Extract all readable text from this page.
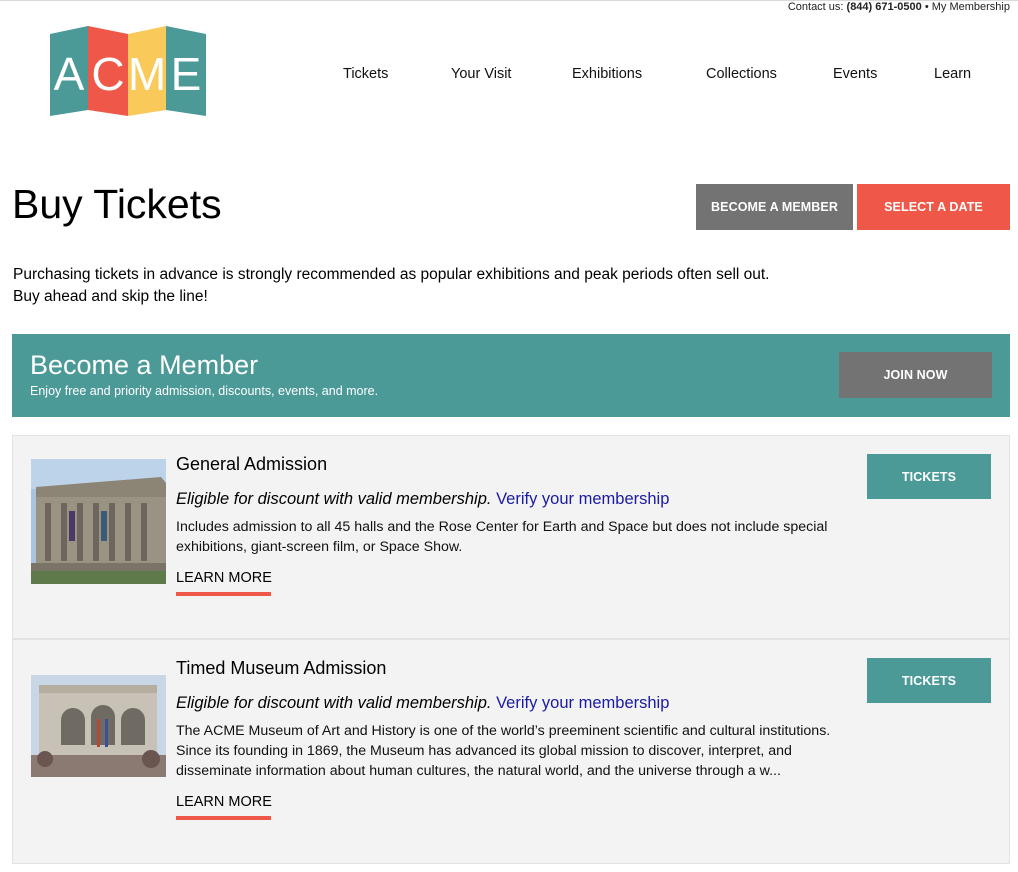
Contact us: (844) 671-0500 • My Membership
A C M E	Tickets	Your Visit	Exhibitions	Collections	Events	Learn
Buy Tickets	BECOME A MEMBER	SELECT A DATE

Purchasing tickets in advance is strongly recommended as popular exhibitions and peak periods often sell out. Buy ahead and skip the line!

Become a Member
Enjoy free and priority admission, discounts, events, and more.
JOIN NOW
General Admission
Eligible for discount with valid membership. Verify your membership
Includes admission to all 45 halls and the Rose Center for Earth and Space but does not include special exhibitions, giant-screen film, or Space Show.
LEARN MORE
TICKETS
Timed Museum Admission
Eligible for discount with valid membership. Verify your membership
The ACME Museum of Art and History is one of the world’s preeminent scientific and cultural institutions. Since its founding in 1869, the Museum has advanced its global mission to discover, interpret, and disseminate information about human cultures, the natural world, and the universe through a w...
LEARN MORE
TICKETS
